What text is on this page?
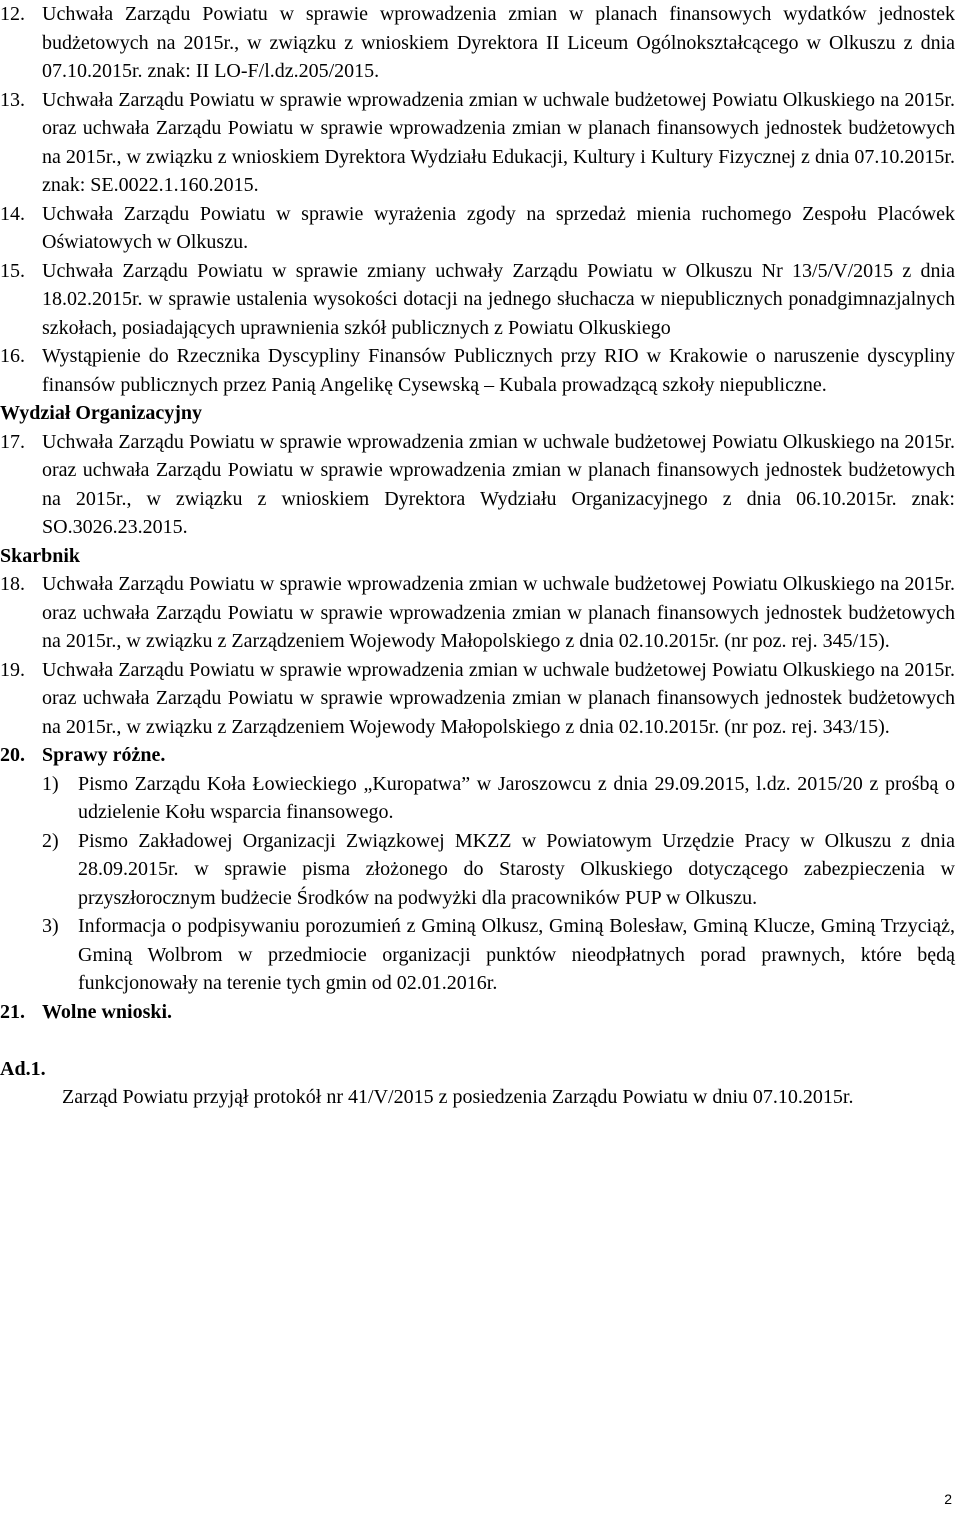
12. Uchwała Zarządu Powiatu w sprawie wprowadzenia zmian w planach finansowych wydatków jednostek budżetowych na 2015r., w związku z wnioskiem Dyrektora II Liceum Ogólnokształcącego w Olkuszu z dnia 07.10.2015r. znak: II LO-F/l.dz.205/2015.
13. Uchwała Zarządu Powiatu w sprawie wprowadzenia zmian w uchwale budżetowej Powiatu Olkuskiego na 2015r. oraz uchwała Zarządu Powiatu w sprawie wprowadzenia zmian w planach finansowych jednostek budżetowych na 2015r., w związku z wnioskiem Dyrektora Wydziału Edukacji, Kultury i Kultury Fizycznej z dnia 07.10.2015r. znak: SE.0022.1.160.2015.
14. Uchwała Zarządu Powiatu w sprawie wyrażenia zgody na sprzedaż mienia ruchomego Zespołu Placówek Oświatowych w Olkuszu.
15. Uchwała Zarządu Powiatu w sprawie zmiany uchwały Zarządu Powiatu w Olkuszu Nr 13/5/V/2015 z dnia 18.02.2015r. w sprawie ustalenia wysokości dotacji na jednego słuchacza w niepublicznych ponadgimnazjalnych szkołach, posiadających uprawnienia szkół publicznych z Powiatu Olkuskiego
16. Wystąpienie do Rzecznika Dyscypliny Finansów Publicznych przy RIO w Krakowie o naruszenie dyscypliny finansów publicznych przez Panią Angelikę Cysewską – Kubala prowadzącą szkoły niepubliczne.
Wydział Organizacyjny
17. Uchwała Zarządu Powiatu w sprawie wprowadzenia zmian w uchwale budżetowej Powiatu Olkuskiego na 2015r. oraz uchwała Zarządu Powiatu w sprawie wprowadzenia zmian w planach finansowych jednostek budżetowych na 2015r., w związku z wnioskiem Dyrektora Wydziału Organizacyjnego z dnia 06.10.2015r. znak: SO.3026.23.2015.
Skarbnik
18. Uchwała Zarządu Powiatu w sprawie wprowadzenia zmian w uchwale budżetowej Powiatu Olkuskiego na 2015r. oraz uchwała Zarządu Powiatu w sprawie wprowadzenia zmian w planach finansowych jednostek budżetowych na 2015r., w związku z Zarządzeniem Wojewody Małopolskiego z dnia 02.10.2015r. (nr poz. rej. 345/15).
19. Uchwała Zarządu Powiatu w sprawie wprowadzenia zmian w uchwale budżetowej Powiatu Olkuskiego na 2015r. oraz uchwała Zarządu Powiatu w sprawie wprowadzenia zmian w planach finansowych jednostek budżetowych na 2015r., w związku z Zarządzeniem Wojewody Małopolskiego z dnia 02.10.2015r. (nr poz. rej. 343/15).
20. Sprawy różne.
1) Pismo Zarządu Koła Łowieckiego „Kuropatwa” w Jaroszowcu z dnia 29.09.2015, l.dz. 2015/20 z prośbą o udzielenie Kołu wsparcia finansowego.
2) Pismo Zakładowej Organizacji Związkowej MKZZ w Powiatowym Urzędzie Pracy w Olkuszu z dnia 28.09.2015r. w sprawie pisma złożonego do Starosty Olkuskiego dotyczącego zabezpieczenia w przyszłorocznym budżecie Środków na podwyżki dla pracowników PUP w Olkuszu.
3) Informacja o podpisywaniu porozumień z Gminą Olkusz, Gminą Bolesław, Gminą Klucze, Gminą Trzyciąż, Gminą Wolbrom w przedmiocie organizacji punktów nieodpłatnych porad prawnych, które będą funkcjonowały na terenie tych gmin od 02.01.2016r.
21. Wolne wnioski.
Ad.1.
Zarząd Powiatu przyjął protokół nr 41/V/2015 z posiedzenia Zarządu Powiatu w dniu 07.10.2015r.
2
